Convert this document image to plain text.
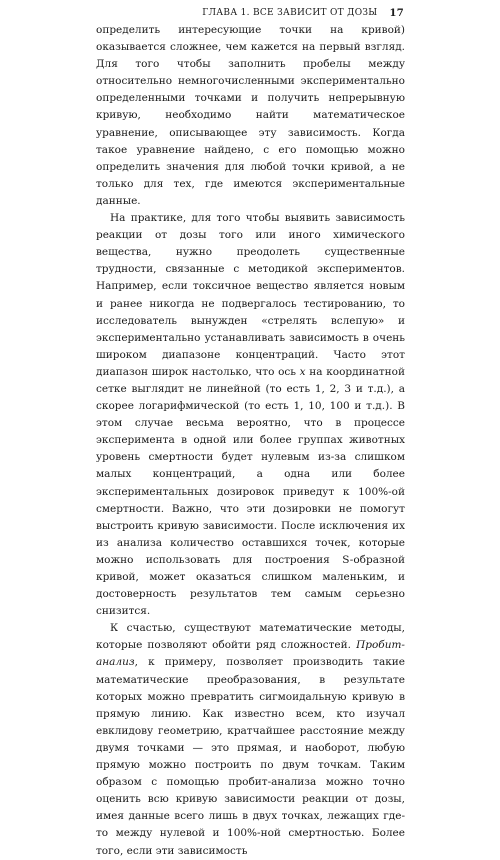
ГЛАВА 1. ВСЕ ЗАВИСИТ ОТ ДОЗЫ 17

определить интересующие точки на кривой) оказывается сложнее, чем кажется на первый взгляд. Для того чтобы заполнить пробелы между относительно немногочисленными экспериментально определенными точками и получить непрерывную кривую, необходимо найти математическое уравнение, описывающее эту зависимость. Когда такое уравнение найдено, с его помощью можно определить значения для любой точки кривой, а не только для тех, где имеются экспериментальные данные.

На практике, для того чтобы выявить зависимость реакции от дозы того или иного химического вещества, нужно преодолеть существенные трудности, связанные с методикой экспериментов. Например, если токсичное вещество является новым и ранее никогда не подвергалось тестированию, то исследователь вынужден «стрелять вслепую» и экспериментально устанавливать зависимость в очень широком диапазоне концентраций. Часто этот диапазон широк настолько, что ось x на координатной сетке выглядит не линейной (то есть 1, 2, 3 и т.д.), а скорее логарифмической (то есть 1, 10, 100 и т.д.). В этом случае весьма вероятно, что в процессе эксперимента в одной или более группах животных уровень смертности будет нулевым из-за слишком малых концентраций, а одна или более экспериментальных дозировок приведут к 100%-ой смертности. Важно, что эти дозировки не помогут выстроить кривую зависимости. После исключения их из анализа количество оставшихся точек, которые можно использовать для построения S-образной кривой, может оказаться слишком маленьким, и достоверность результатов тем самым серьезно снизится.

К счастью, существуют математические методы, которые позволяют обойти ряд сложностей. Пробит-анализ, к примеру, позволяет производить такие математические преобразования, в результате которых можно превратить сигмоидальную кривую в прямую линию. Как известно всем, кто изучал евклидову геометрию, кратчайшее расстояние между двумя точками — это прямая, и наоборот, любую прямую можно построить по двум точкам. Таким образом с помощью пробит-анализа можно точно оценить всю кривую зависимости реакции от дозы, имея данные всего лишь в двух точках, лежащих где-то между нулевой и 100%-ной смертностью. Более того, если эти зависимость
